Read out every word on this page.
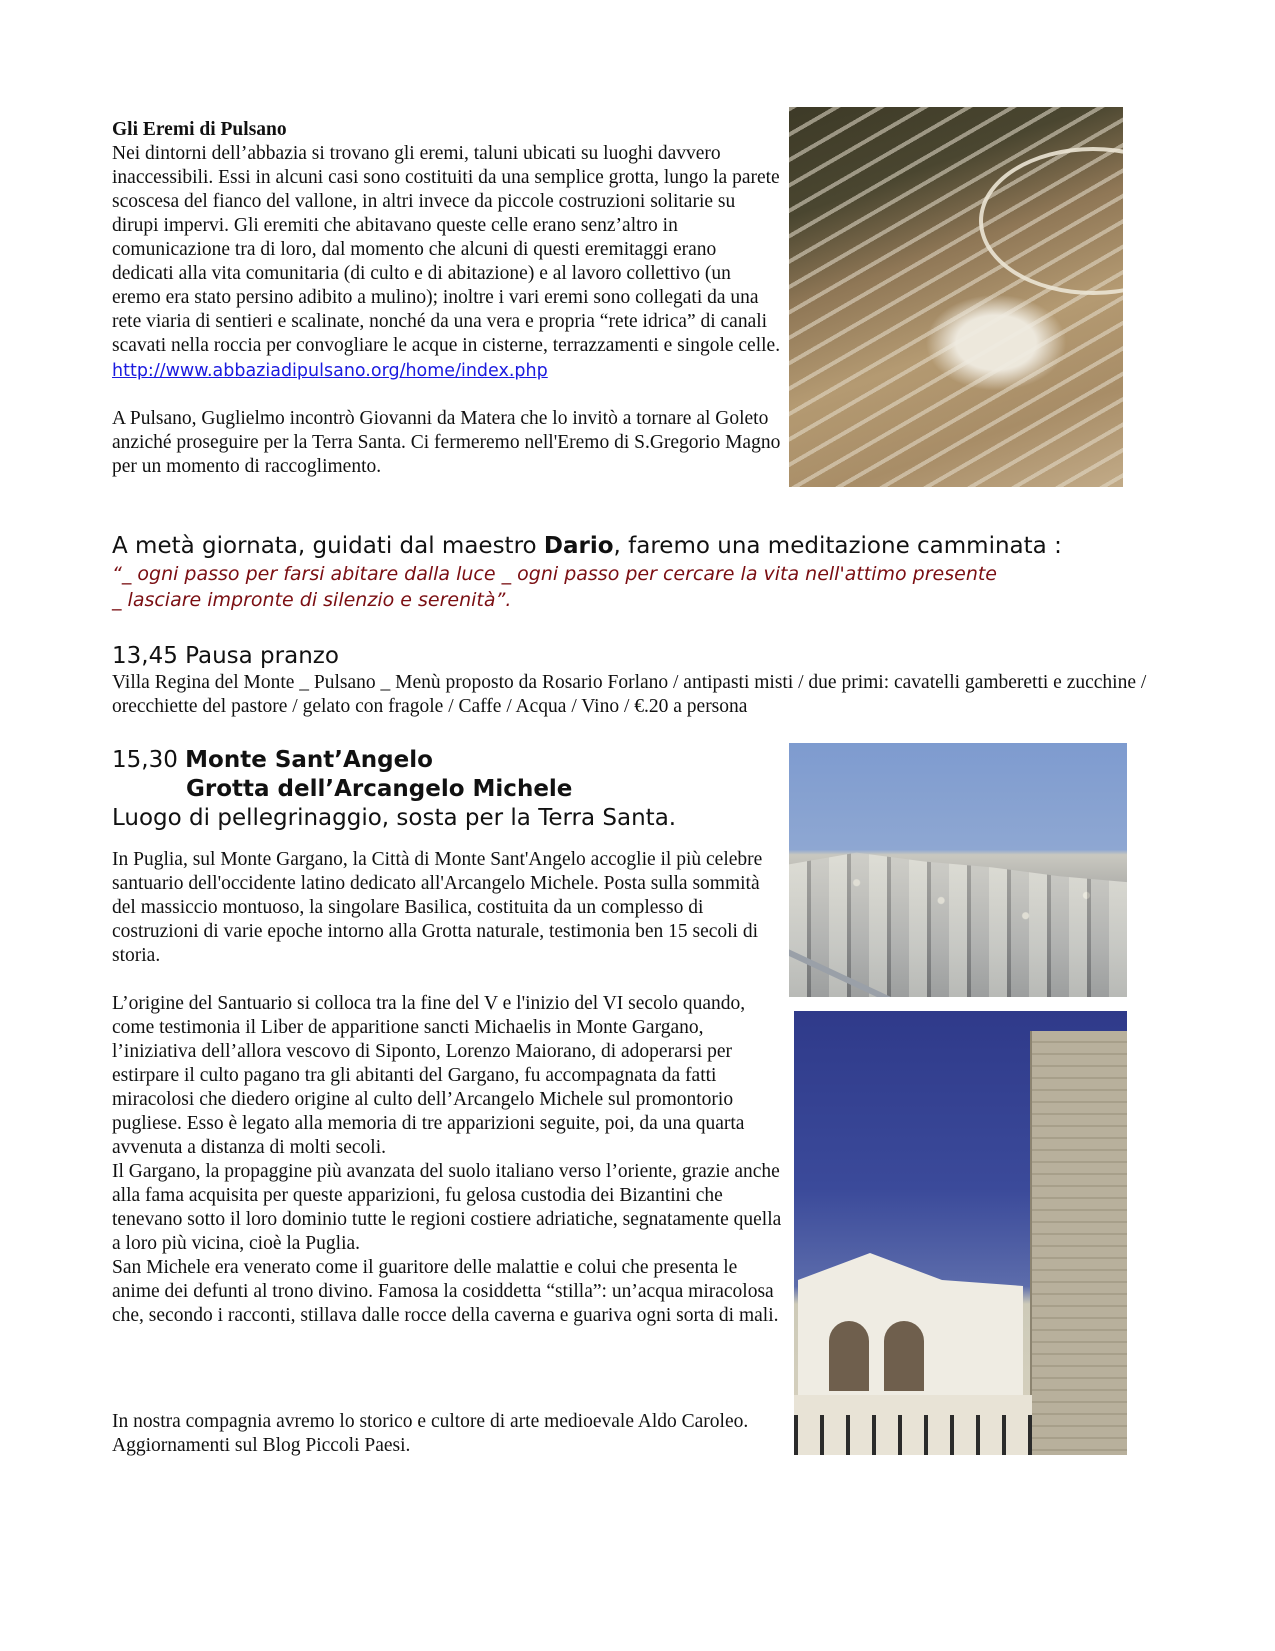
Gli Eremi di Pulsano

Nei dintorni dell’abbazia si trovano gli eremi, taluni ubicati su luoghi davvero inaccessibili. Essi in alcuni casi sono costituiti da una semplice grotta, lungo la parete scoscesa del fianco del vallone, in altri invece da piccole costruzioni solitarie su dirupi impervi. Gli eremiti che abitavano queste celle erano senz’altro in comunicazione tra di loro, dal momento che alcuni di questi eremitaggi erano dedicati alla vita comunitaria (di culto e di abitazione) e al lavoro collettivo (un eremo era stato persino adibito a mulino); inoltre i vari eremi sono collegati da una rete viaria di sentieri e scalinate, nonché da una vera e propria “rete idrica” di canali scavati nella roccia per convogliare le acque in cisterne, terrazzamenti e singole celle.

http://www.abbaziadipulsano.org/home/index.php

A Pulsano, Guglielmo incontrò Giovanni da Matera che lo invitò a tornare al Goleto anziché proseguire per la Terra Santa. Ci fermeremo nell'Eremo di S.Gregorio Magno per un momento di raccoglimento.

A metà giornata, guidati dal maestro Dario, faremo una meditazione camminata :

“_ ogni passo per farsi abitare dalla luce _ ogni passo per cercare la vita nell'attimo presente

_ lasciare impronte di silenzio e serenità”.

13,45 Pausa pranzo

Villa Regina del Monte _ Pulsano _ Menù proposto da Rosario Forlano / antipasti misti / due primi: cavatelli gamberetti e zucchine / orecchiette del pastore / gelato con fragole / Caffe / Acqua / Vino / €.20 a persona

15,30 Monte Sant’Angelo

Grotta dell’Arcangelo Michele

Luogo di pellegrinaggio, sosta per la Terra Santa.

In Puglia, sul Monte Gargano, la Città di Monte Sant'Angelo accoglie il più celebre santuario dell'occidente latino dedicato all'Arcangelo Michele. Posta sulla sommità del massiccio montuoso, la singolare Basilica, costituita da un complesso di costruzioni di varie epoche intorno alla Grotta naturale, testimonia ben 15 secoli di storia.

L’origine del Santuario si colloca tra la fine del V e l'inizio del VI secolo quando, come testimonia il Liber de apparitione sancti Michaelis in Monte Gargano, l’iniziativa dell’allora vescovo di Siponto, Lorenzo Maiorano, di adoperarsi per estirpare il culto pagano tra gli abitanti del Gargano, fu accompagnata da fatti miracolosi che diedero origine al culto dell’Arcangelo Michele sul promontorio pugliese. Esso è legato alla memoria di tre apparizioni seguite, poi, da una quarta avvenuta a distanza di molti secoli.

Il Gargano, la propaggine più avanzata del suolo italiano verso l’oriente, grazie anche alla fama acquisita per queste apparizioni, fu gelosa custodia dei Bizantini che tenevano sotto il loro dominio tutte le regioni costiere adriatiche, segnatamente quella a loro più vicina, cioè la Puglia.

San Michele era venerato come il guaritore delle malattie e colui che presenta le anime dei defunti al trono divino. Famosa la cosiddetta “stilla”: un’acqua miracolosa che, secondo i racconti, stillava dalle rocce della caverna e guariva ogni sorta di mali.

In nostra compagnia avremo lo storico e cultore di arte medioevale Aldo Caroleo. Aggiornamenti sul Blog Piccoli Paesi.
